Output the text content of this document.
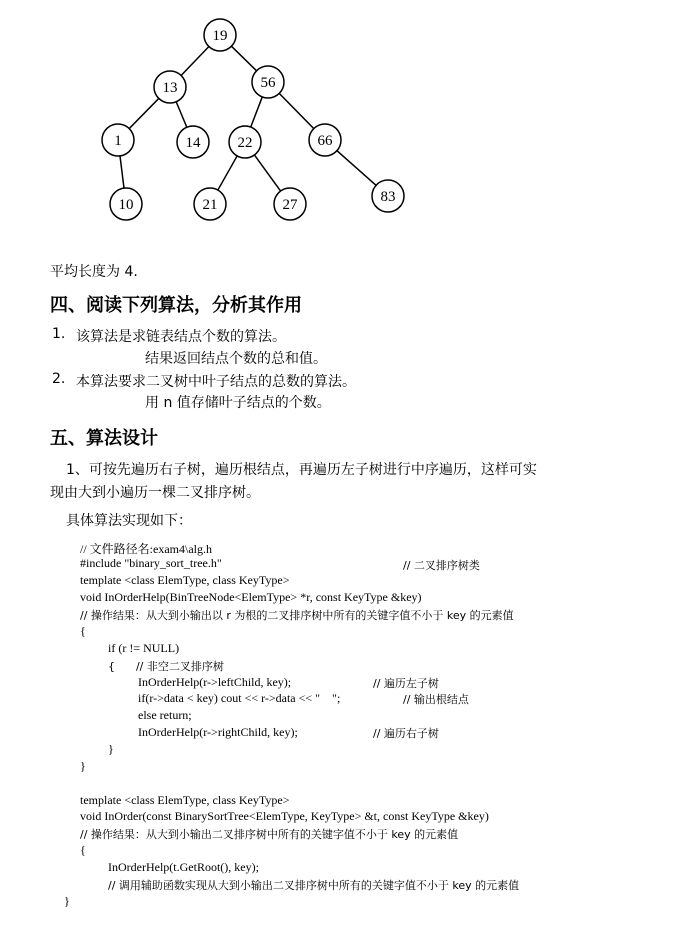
19
13	56
1	14 22	66
10	21	27	83
平均长度为 4.
四、阅读下列算法，分析其作用
1. 该算法是求链表结点个数的算法。
结果返回结点个数的总和值。
2. 本算法要求二叉树中叶子结点的总数的算法。
用 n 值存储叶子结点的个数。
五、算法设计
1、可按先遍历右子树，遍历根结点，再遍历左子树进行中序遍历，这样可实
现由大到小遍历一棵二叉排序树。
具体算法实现如下：
// 文件路径名:exam4\alg.h
#include "binary_sort_tree.h"	// 二叉排序树类
template <class ElemType, class KeyType>
void InOrderHelp(BinTreeNode<ElemType> *r, const KeyType &key)
// 操作结果：从大到小输出以 r 为根的二叉排序树中所有的关键字值不小于 key 的元素值
{
if (r != NULL)
{      // 非空二叉排序树
InOrderHelp(r->leftChild, key);	// 遍历左子树
if(r->data < key) cout << r->data << "    ";	// 输出根结点
else return;
InOrderHelp(r->rightChild, key);	// 遍历右子树
}
}
template <class ElemType, class KeyType>
void InOrder(const BinarySortTree<ElemType, KeyType> &t, const KeyType &key)
// 操作结果：从大到小输出二叉排序树中所有的关键字值不小于 key 的元素值
{
InOrderHelp(t.GetRoot(), key);
// 调用辅助函数实现从大到小输出二叉排序树中所有的关键字值不小于 key 的元素值
}
